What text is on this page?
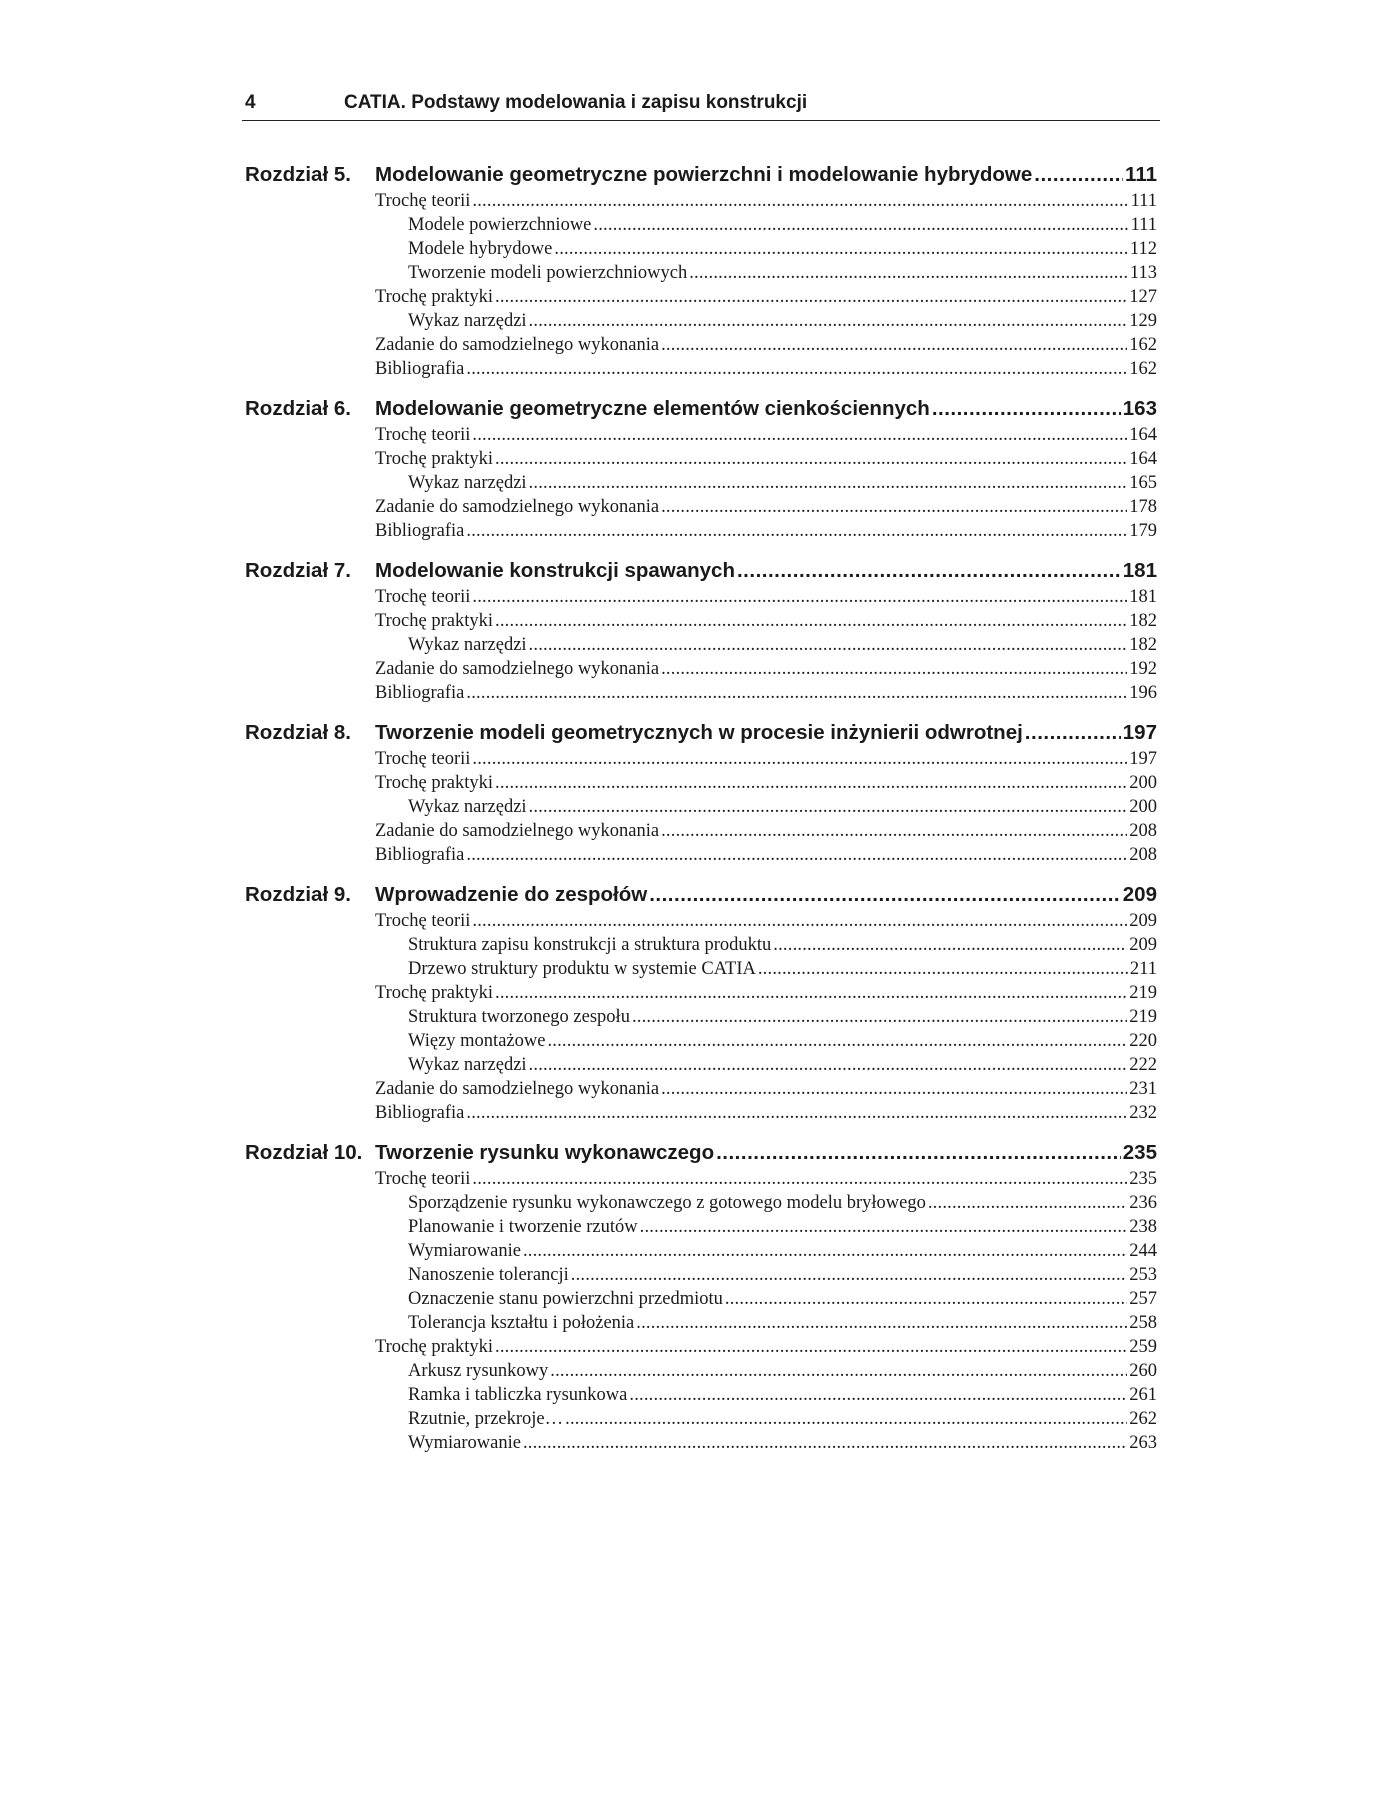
4	CATIA. Podstawy modelowania i zapisu konstrukcji
Rozdział 5.	Modelowanie geometryczne powierzchni i modelowanie hybrydowe .....	111
Trochę teorii .....	111
Modele powierzchniowe .....	111
Modele hybrydowe .....	112
Tworzenie modeli powierzchniowych .....	113
Trochę praktyki .....	127
Wykaz narzędzi .....	129
Zadanie do samodzielnego wykonania .....	162
Bibliografia .....	162
Rozdział 6.	Modelowanie geometryczne elementów cienkościennych .....	163
Trochę teorii .....	164
Trochę praktyki .....	164
Wykaz narzędzi .....	165
Zadanie do samodzielnego wykonania .....	178
Bibliografia .....	179
Rozdział 7.	Modelowanie konstrukcji spawanych .....	181
Trochę teorii .....	181
Trochę praktyki .....	182
Wykaz narzędzi .....	182
Zadanie do samodzielnego wykonania .....	192
Bibliografia .....	196
Rozdział 8.	Tworzenie modeli geometrycznych w procesie inżynierii odwrotnej .....	197
Trochę teorii .....	197
Trochę praktyki .....	200
Wykaz narzędzi .....	200
Zadanie do samodzielnego wykonania .....	208
Bibliografia .....	208
Rozdział 9.	Wprowadzenie do zespołów .....	209
Trochę teorii .....	209
Struktura zapisu konstrukcji a struktura produktu .....	209
Drzewo struktury produktu w systemie CATIA .....	211
Trochę praktyki .....	219
Struktura tworzonego zespołu .....	219
Więzy montażowe .....	220
Wykaz narzędzi .....	222
Zadanie do samodzielnego wykonania .....	231
Bibliografia .....	232
Rozdział 10. Tworzenie rysunku wykonawczego .....	235
Trochę teorii .....	235
Sporządzenie rysunku wykonawczego z gotowego modelu bryłowego .....	236
Planowanie i tworzenie rzutów .....	238
Wymiarowanie .....	244
Nanoszenie tolerancji .....	253
Oznaczenie stanu powierzchni przedmiotu .....	257
Tolerancja kształtu i położenia .....	258
Trochę praktyki .....	259
Arkusz rysunkowy .....	260
Ramka i tabliczka rysunkowa .....	261
Rzutnie, przekroje… .....	262
Wymiarowanie .....	263
